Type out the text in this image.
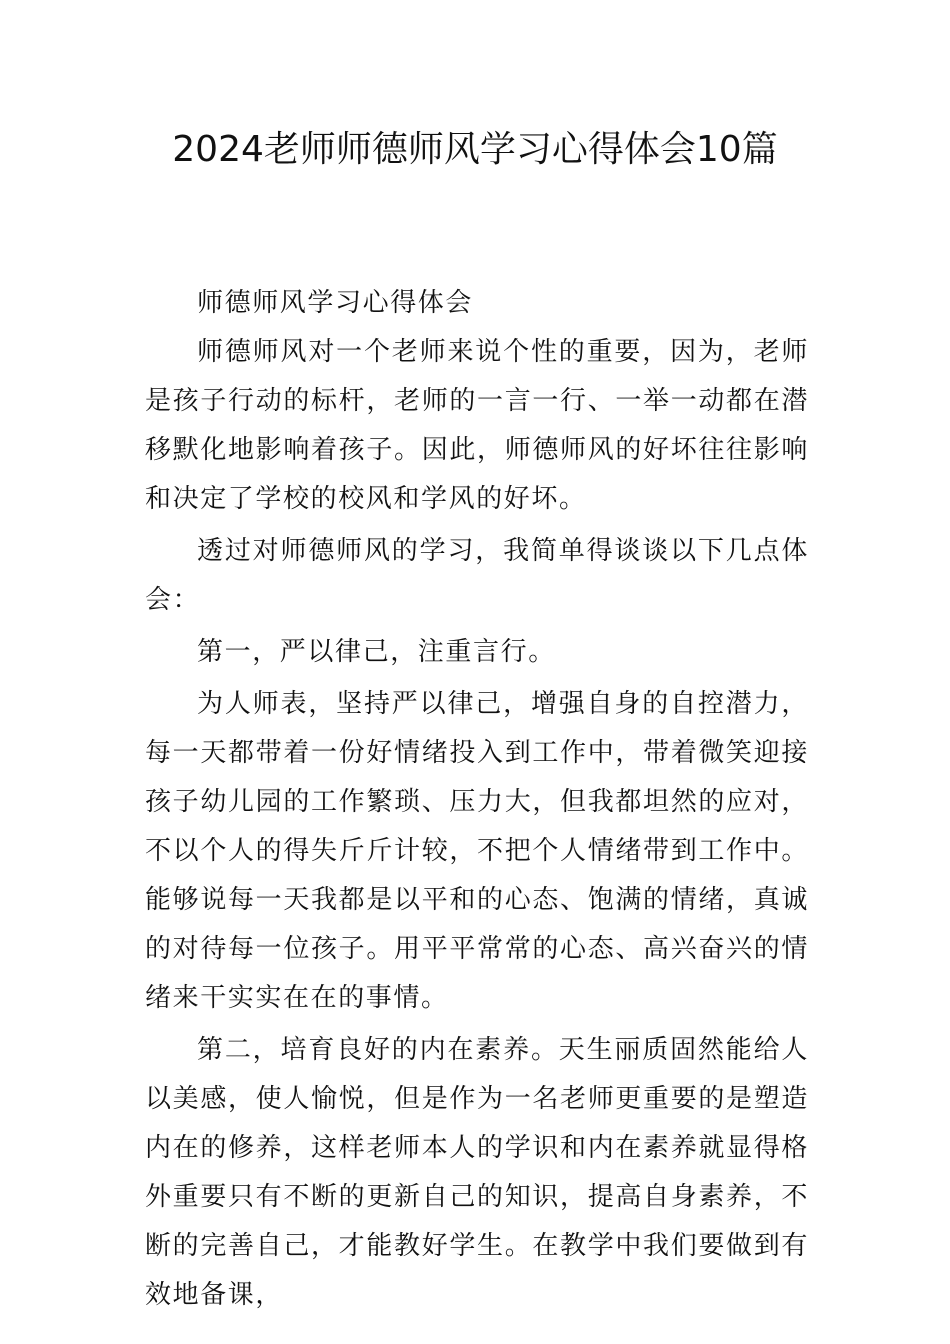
2024老师师德师风学习心得体会10篇

师德师风学习心得体会

师德师风对一个老师来说个性的重要，因为，老师是孩子行动的标杆，老师的一言一行、一举一动都在潜移默化地影响着孩子。因此，师德师风的好坏往往影响和决定了学校的校风和学风的好坏。

透过对师德师风的学习，我简单得谈谈以下几点体会：

第一，严以律己，注重言行。

为人师表，坚持严以律己，增强自身的自控潜力，每一天都带着一份好情绪投入到工作中，带着微笑迎接孩子幼儿园的工作繁琐、压力大，但我都坦然的应对，不以个人的得失斤斤计较，不把个人情绪带到工作中。能够说每一天我都是以平和的心态、饱满的情绪，真诚的对待每一位孩子。用平平常常的心态、高兴奋兴的情绪来干实实在在的事情。

第二，培育良好的内在素养。天生丽质固然能给人以美感，使人愉悦，但是作为一名老师更重要的是塑造内在的修养，这样老师本人的学识和内在素养就显得格外重要只有不断的更新自己的知识，提高自身素养，不断的完善自己，才能教好学生。在教学中我们要做到有效地备课，
